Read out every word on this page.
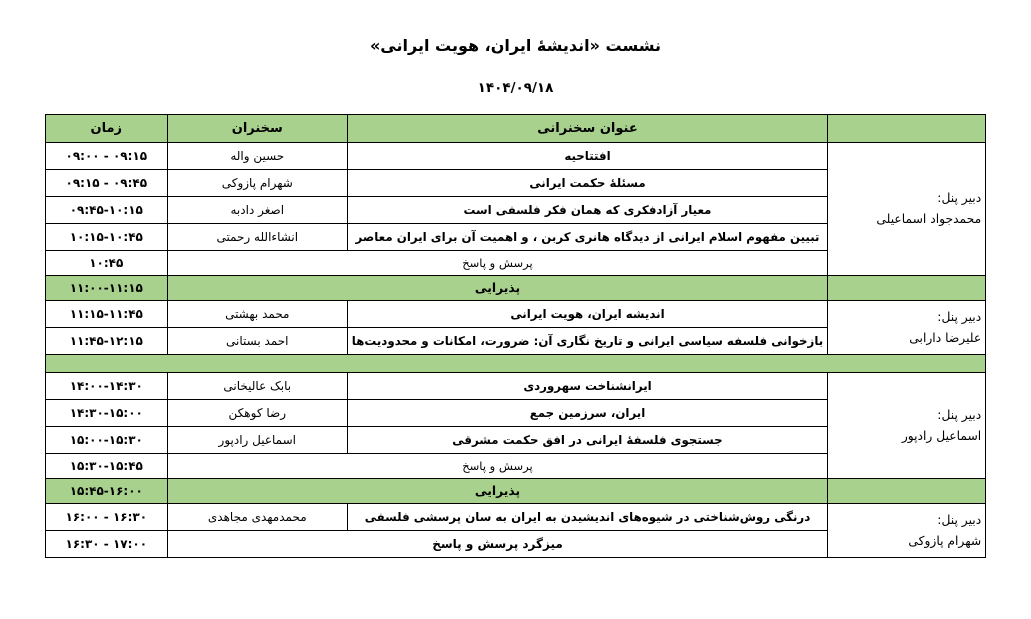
نشست «اندیشهٔ ایران، هویت ایرانی»
۱۴۰۴/۰۹/۱۸
	عنوان سخنرانی	سخنران	زمان

دبیر پنل:
محمدجواد اسماعیلی	افتتاحیه	حسین واله	۰۹:۰۰ - ۰۹:۱۵
	مسئلهٔ حکمت ایرانی	شهرام پازوکی	۰۹:۱۵ - ۰۹:۴۵
	معیار آزادفکری که همان فکر فلسفی است	اصغر دادبه	۰۹:۴۵-۱۰:۱۵
	تبیین مفهوم اسلام ایرانی از دیدگاه هانری کربن ، و اهمیت آن برای ایران معاصر	انشاءالله رحمتی	۱۰:۱۵-۱۰:۴۵
	پرسش و پاسخ		۱۰:۴۵
	پذیرایی		۱۱:۰۰-۱۱:۱۵

دبیر پنل:
علیرضا دارابی	اندیشه ایران، هویت ایرانی	محمد بهشتی	۱۱:۱۵-۱۱:۴۵
	بازخوانی فلسفه سیاسی ایرانی و تاریخ نگاری آن: ضرورت، امکانات و محدودیت‌ها	احمد بستانی	۱۱:۴۵-۱۲:۱۵

دبیر پنل:
اسماعیل رادپور	ایرانشناخت سهروردی	بابک عالیخانی	۱۴:۰۰-۱۴:۳۰
	ایران، سرزمین جمع	رضا کوهکن	۱۴:۳۰-۱۵:۰۰
	جستجوی فلسفهٔ ایرانی در افق حکمت مشرقی	اسماعیل رادپور	۱۵:۰۰-۱۵:۳۰
	پرسش و پاسخ		۱۵:۳۰-۱۵:۴۵
	پذیرایی		۱۵:۴۵-۱۶:۰۰

دبیر پنل:
شهرام پازوکی	درنگی روش‌شناختی در شیوه‌های اندیشیدن به ایران به سان پرسشی فلسفی	محمدمهدی مجاهدی	۱۶:۰۰ - ۱۶:۳۰
	میزگرد پرسش و پاسخ		۱۶:۳۰ - ۱۷:۰۰
